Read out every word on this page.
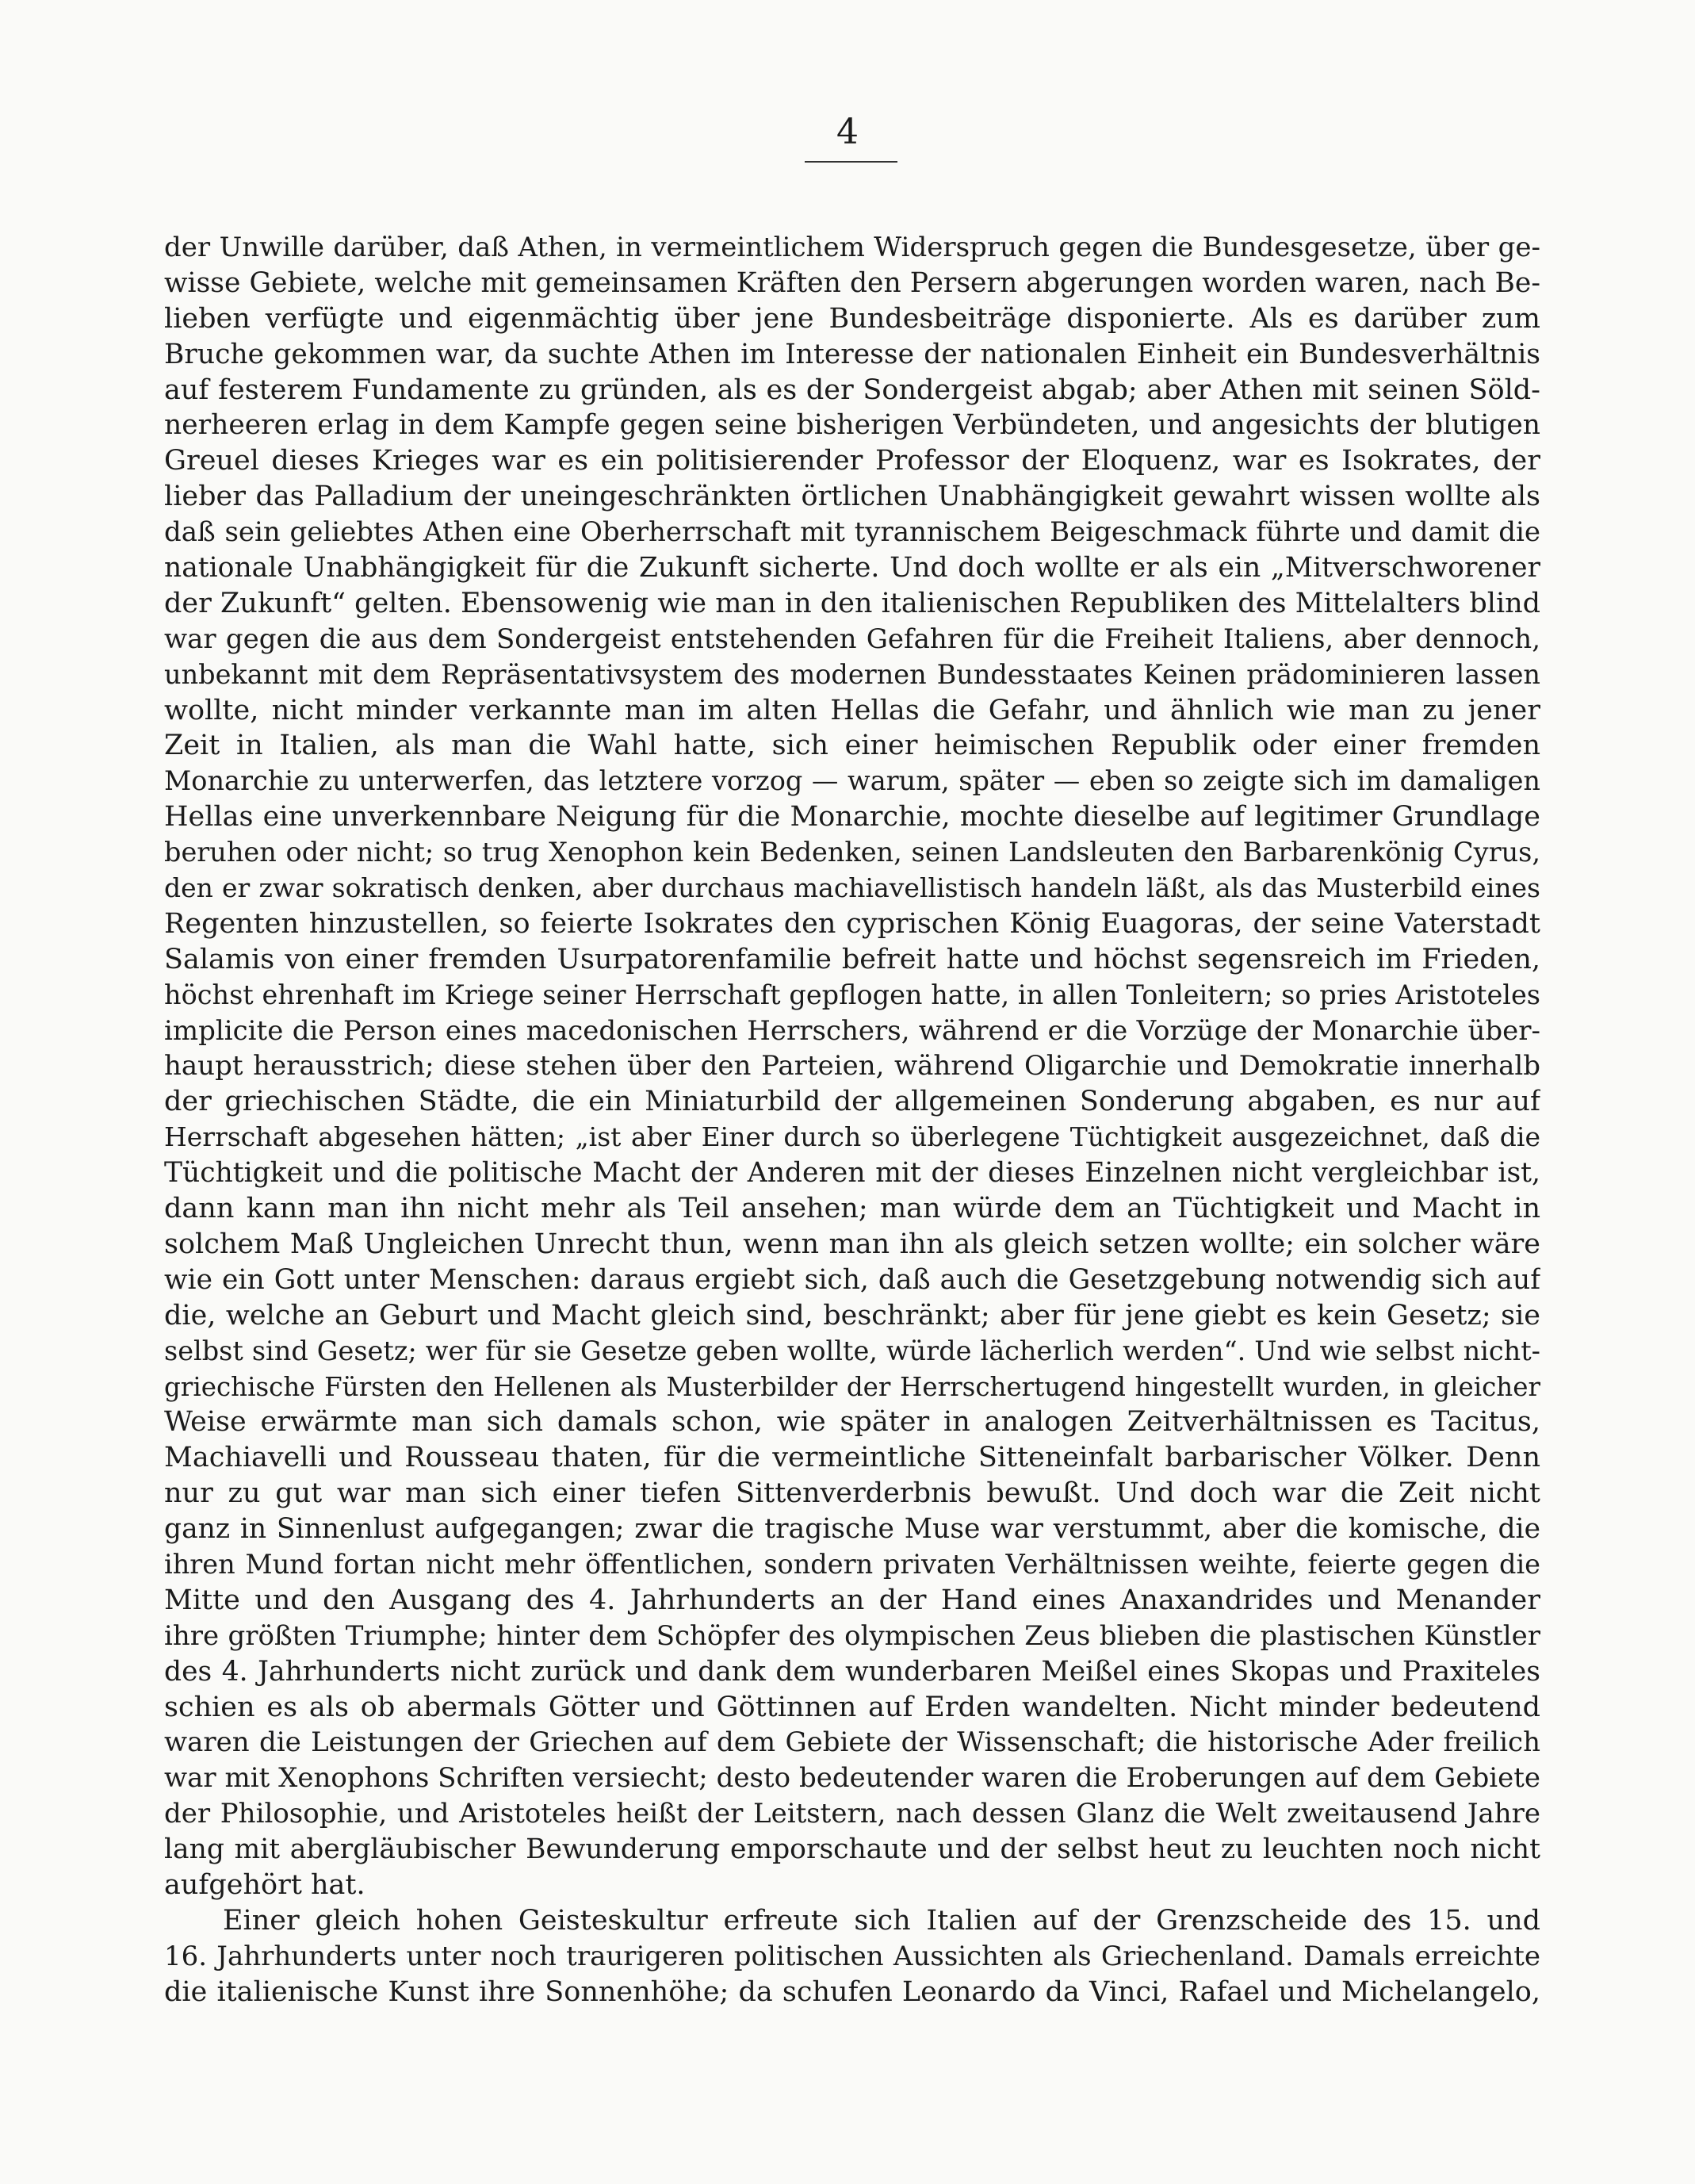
4
der Unwille darüber, daß Athen, in vermeintlichem Widerspruch gegen die Bundesgesetze, über ge-
wisse Gebiete, welche mit gemeinsamen Kräften den Persern abgerungen worden waren, nach Be-
lieben verfügte und eigenmächtig über jene Bundesbeiträge disponierte. Als es darüber zum
Bruche gekommen war, da suchte Athen im Interesse der nationalen Einheit ein Bundesverhältnis
auf festerem Fundamente zu gründen, als es der Sondergeist abgab; aber Athen mit seinen Söld-
nerheeren erlag in dem Kampfe gegen seine bisherigen Verbündeten, und angesichts der blutigen
Greuel dieses Krieges war es ein politisierender Professor der Eloquenz, war es Isokrates, der
lieber das Palladium der uneingeschränkten örtlichen Unabhängigkeit gewahrt wissen wollte als
daß sein geliebtes Athen eine Oberherrschaft mit tyrannischem Beigeschmack führte und damit die
nationale Unabhängigkeit für die Zukunft sicherte. Und doch wollte er als ein „Mitverschworener
der Zukunft“ gelten. Ebensowenig wie man in den italienischen Republiken des Mittelalters blind
war gegen die aus dem Sondergeist entstehenden Gefahren für die Freiheit Italiens, aber dennoch,
unbekannt mit dem Repräsentativsystem des modernen Bundesstaates Keinen prädominieren lassen
wollte, nicht minder verkannte man im alten Hellas die Gefahr, und ähnlich wie man zu jener
Zeit in Italien, als man die Wahl hatte, sich einer heimischen Republik oder einer fremden
Monarchie zu unterwerfen, das letztere vorzog — warum, später — eben so zeigte sich im damaligen
Hellas eine unverkennbare Neigung für die Monarchie, mochte dieselbe auf legitimer Grundlage
beruhen oder nicht; so trug Xenophon kein Bedenken, seinen Landsleuten den Barbarenkönig Cyrus,
den er zwar sokratisch denken, aber durchaus machiavellistisch handeln läßt, als das Musterbild eines
Regenten hinzustellen, so feierte Isokrates den cyprischen König Euagoras, der seine Vaterstadt
Salamis von einer fremden Usurpatorenfamilie befreit hatte und höchst segensreich im Frieden,
höchst ehrenhaft im Kriege seiner Herrschaft gepflogen hatte, in allen Tonleitern; so pries Aristoteles
implicite die Person eines macedonischen Herrschers, während er die Vorzüge der Monarchie über-
haupt herausstrich; diese stehen über den Parteien, während Oligarchie und Demokratie innerhalb
der griechischen Städte, die ein Miniaturbild der allgemeinen Sonderung abgaben, es nur auf
Herrschaft abgesehen hätten; „ist aber Einer durch so überlegene Tüchtigkeit ausgezeichnet, daß die
Tüchtigkeit und die politische Macht der Anderen mit der dieses Einzelnen nicht vergleichbar ist,
dann kann man ihn nicht mehr als Teil ansehen; man würde dem an Tüchtigkeit und Macht in
solchem Maß Ungleichen Unrecht thun, wenn man ihn als gleich setzen wollte; ein solcher wäre
wie ein Gott unter Menschen: daraus ergiebt sich, daß auch die Gesetzgebung notwendig sich auf
die, welche an Geburt und Macht gleich sind, beschränkt; aber für jene giebt es kein Gesetz; sie
selbst sind Gesetz; wer für sie Gesetze geben wollte, würde lächerlich werden“. Und wie selbst nicht-
griechische Fürsten den Hellenen als Musterbilder der Herrschertugend hingestellt wurden, in gleicher
Weise erwärmte man sich damals schon, wie später in analogen Zeitverhältnissen es Tacitus,
Machiavelli und Rousseau thaten, für die vermeintliche Sitteneinfalt barbarischer Völker. Denn
nur zu gut war man sich einer tiefen Sittenverderbnis bewußt. Und doch war die Zeit nicht
ganz in Sinnenlust aufgegangen; zwar die tragische Muse war verstummt, aber die komische, die
ihren Mund fortan nicht mehr öffentlichen, sondern privaten Verhältnissen weihte, feierte gegen die
Mitte und den Ausgang des 4. Jahrhunderts an der Hand eines Anaxandrides und Menander
ihre größten Triumphe; hinter dem Schöpfer des olympischen Zeus blieben die plastischen Künstler
des 4. Jahrhunderts nicht zurück und dank dem wunderbaren Meißel eines Skopas und Praxiteles
schien es als ob abermals Götter und Göttinnen auf Erden wandelten. Nicht minder bedeutend
waren die Leistungen der Griechen auf dem Gebiete der Wissenschaft; die historische Ader freilich
war mit Xenophons Schriften versiecht; desto bedeutender waren die Eroberungen auf dem Gebiete
der Philosophie, und Aristoteles heißt der Leitstern, nach dessen Glanz die Welt zweitausend Jahre
lang mit abergläubischer Bewunderung emporschaute und der selbst heut zu leuchten noch nicht
aufgehört hat.
Einer gleich hohen Geisteskultur erfreute sich Italien auf der Grenzscheide des 15. und
16. Jahrhunderts unter noch traurigeren politischen Aussichten als Griechenland. Damals erreichte
die italienische Kunst ihre Sonnenhöhe; da schufen Leonardo da Vinci, Rafael und Michelangelo,
